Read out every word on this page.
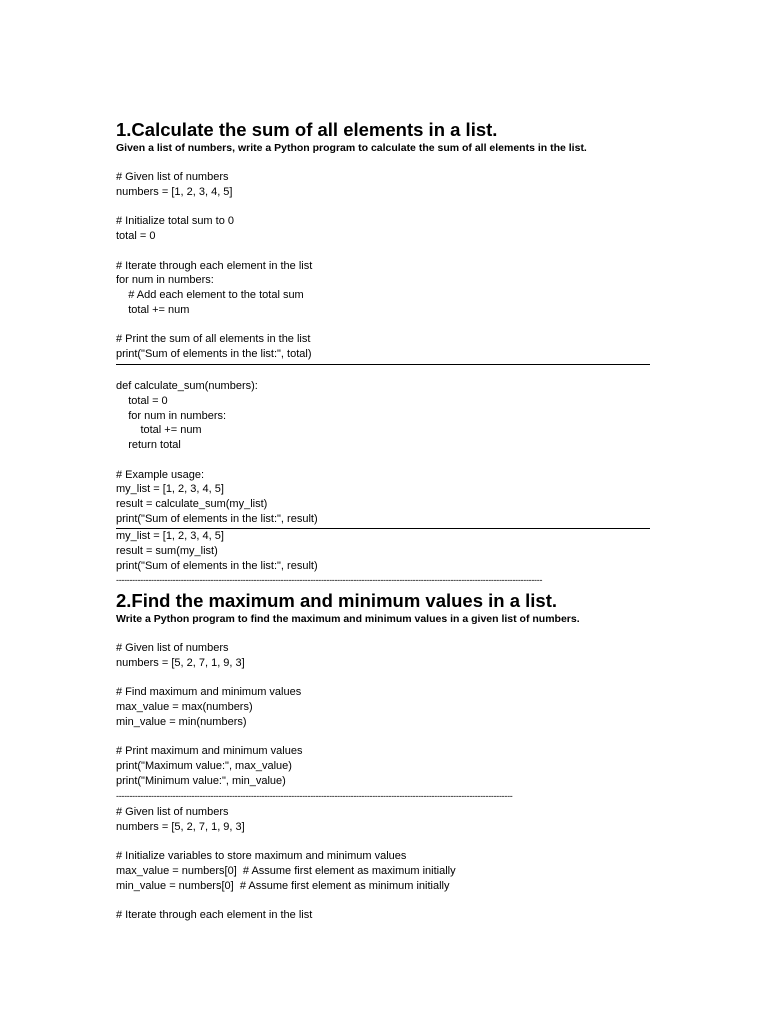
1.Calculate the sum of all elements in a list.
Given a list of numbers, write a Python program to calculate the sum of all elements in the list.
# Given list of numbers
numbers = [1, 2, 3, 4, 5]

# Initialize total sum to 0
total = 0

# Iterate through each element in the list
for num in numbers:
# Add each element to the total sum
total += num

# Print the sum of all elements in the list
print("Sum of elements in the list:", total)
def calculate_sum(numbers):
total = 0
for num in numbers:
total += num
return total

# Example usage:
my_list = [1, 2, 3, 4, 5]
result = calculate_sum(my_list)
print("Sum of elements in the list:", result)
my_list = [1, 2, 3, 4, 5]
result = sum(my_list)
print("Sum of elements in the list:", result)
--------------------------------------------------------------------------------------------------------------------------------------------------------------
2.Find the maximum and minimum values in a list.
Write a Python program to find the maximum and minimum values in a given list of numbers.
# Given list of numbers
numbers = [5, 2, 7, 1, 9, 3]

# Find maximum and minimum values
max_value = max(numbers)
min_value = min(numbers)

# Print maximum and minimum values
print("Maximum value:", max_value)
print("Minimum value:", min_value)
---------------------------------------------------------------------------------------------------------------------------------------------------
# Given list of numbers
numbers = [5, 2, 7, 1, 9, 3]

# Initialize variables to store maximum and minimum values
max_value = numbers[0]  # Assume first element as maximum initially
min_value = numbers[0]  # Assume first element as minimum initially

# Iterate through each element in the list
